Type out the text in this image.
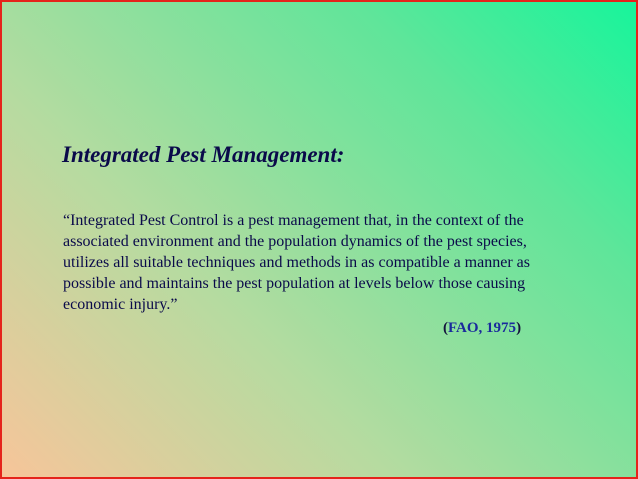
Integrated Pest Management:

“Integrated Pest Control is a pest management that, in the context of the
associated environment and the population dynamics of the pest species,
utilizes all suitable techniques and methods in as compatible a manner as
possible and maintains the pest population at levels below those causing
economic injury.”

(FAO, 1975)
